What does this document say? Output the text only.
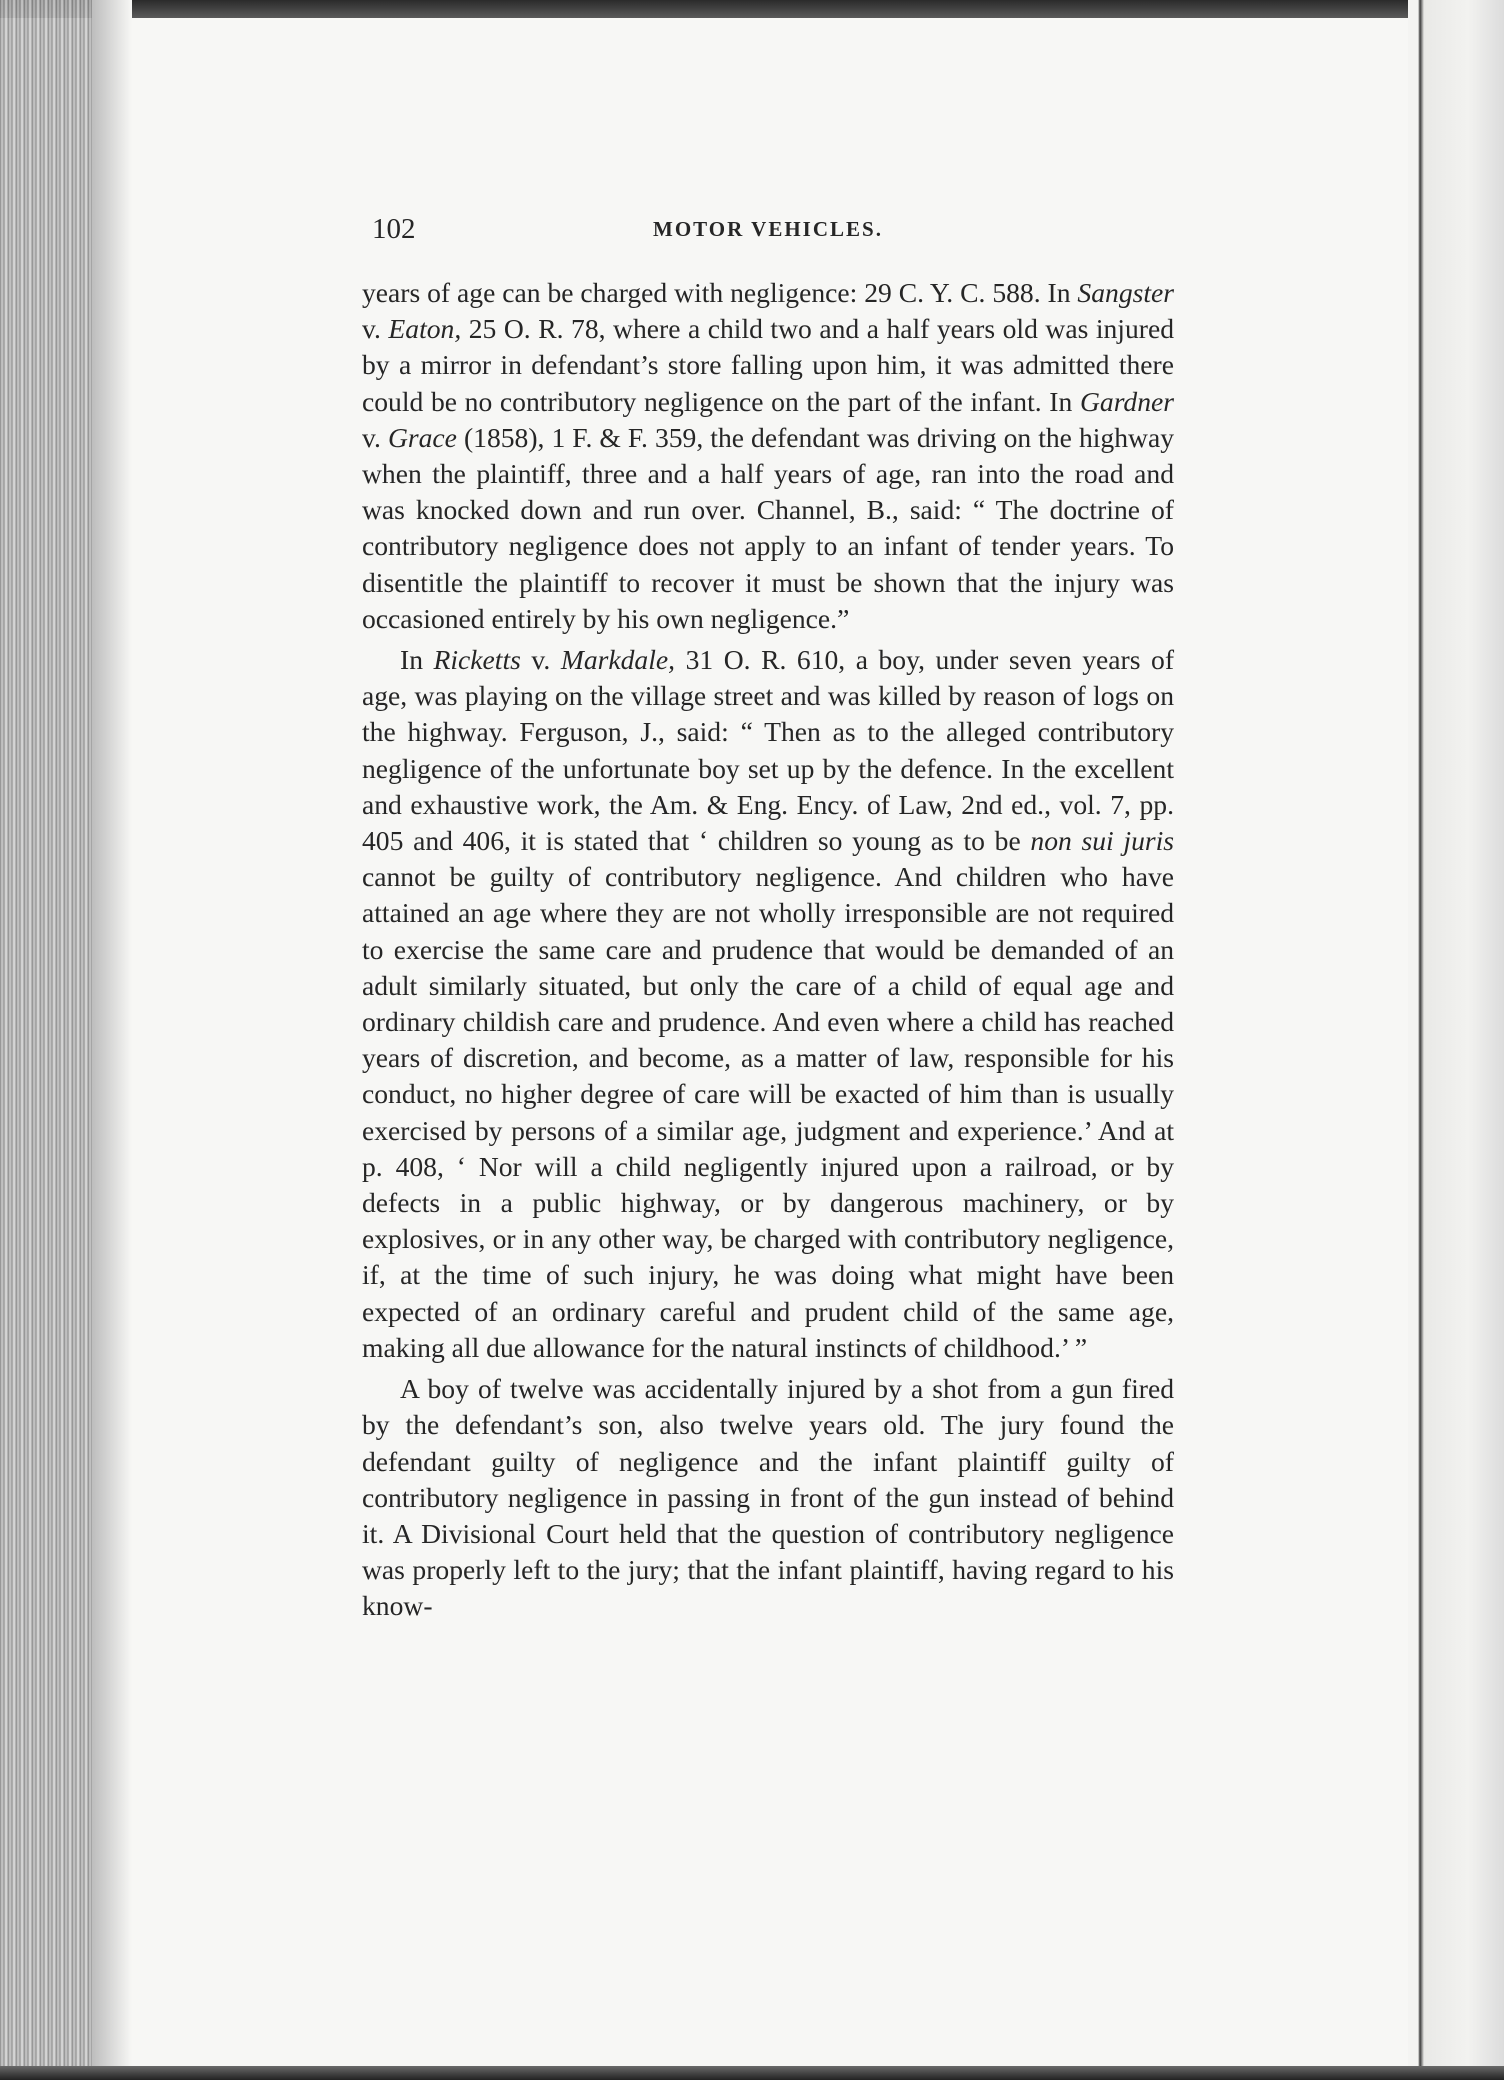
102	MOTOR VEHICLES.

years of age can be charged with negligence: 29 C. Y. C. 588. In Sangster v. Eaton, 25 O. R. 78, where a child two and a half years old was injured by a mirror in defendant’s store falling upon him, it was admitted there could be no contributory negligence on the part of the infant. In Gardner v. Grace (1858), 1 F. & F. 359, the defendant was driving on the highway when the plaintiff, three and a half years of age, ran into the road and was knocked down and run over. Channel, B., said: “ The doctrine of contributory negligence does not apply to an infant of tender years. To disentitle the plaintiff to recover it must be shown that the injury was occasioned entirely by his own negligence.”

In Ricketts v. Markdale, 31 O. R. 610, a boy, under seven years of age, was playing on the village street and was killed by reason of logs on the highway. Ferguson, J., said: “ Then as to the alleged contributory negligence of the unfortunate boy set up by the defence. In the excellent and exhaustive work, the Am. & Eng. Ency. of Law, 2nd ed., vol. 7, pp. 405 and 406, it is stated that ‘ children so young as to be non sui juris cannot be guilty of contributory negligence. And children who have attained an age where they are not wholly irresponsible are not required to exercise the same care and prudence that would be demanded of an adult similarly situated, but only the care of a child of equal age and ordinary childish care and prudence. And even where a child has reached years of discretion, and become, as a matter of law, responsible for his conduct, no higher degree of care will be exacted of him than is usually exercised by persons of a similar age, judgment and experience.’ And at p. 408, ‘ Nor will a child negligently injured upon a railroad, or by defects in a public highway, or by dangerous machinery, or by explosives, or in any other way, be charged with contributory negligence, if, at the time of such injury, he was doing what might have been expected of an ordinary careful and prudent child of the same age, making all due allowance for the natural instincts of childhood.’ ”

A boy of twelve was accidentally injured by a shot from a gun fired by the defendant’s son, also twelve years old. The jury found the defendant guilty of negligence and the infant plaintiff guilty of contributory negligence in passing in front of the gun instead of behind it. A Divisional Court held that the question of contributory negligence was properly left to the jury; that the infant plaintiff, having regard to his know-
